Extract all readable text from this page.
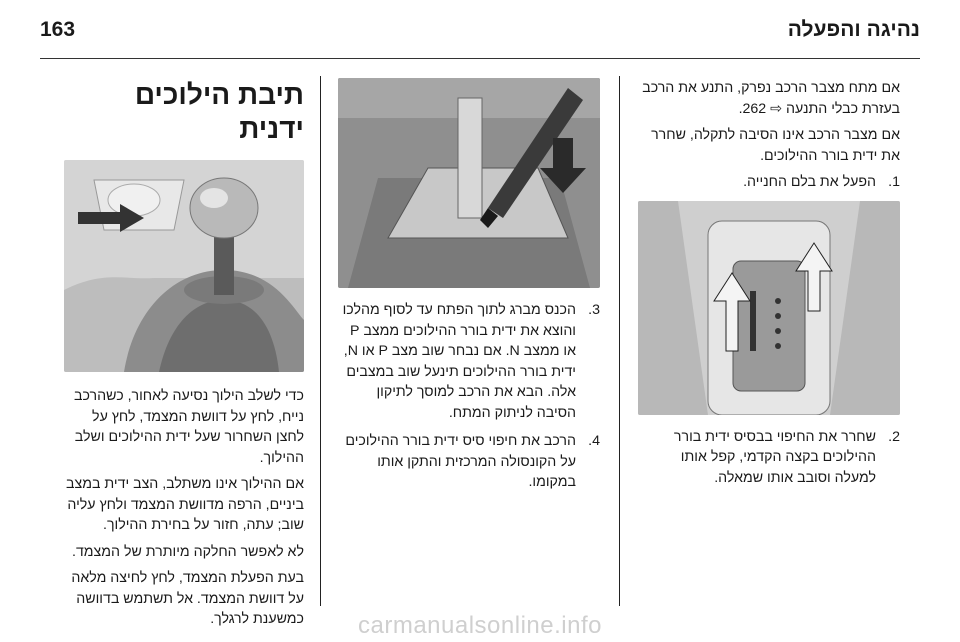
163	נהיגה והפעלה
תיבת הילוכים ידנית

כדי לשלב הילוך נסיעה לאחור, כשהרכב נייח, לחץ על דוושת המצמד, לחץ על לחצן השחרור שעל ידית ההילוכים ושלב ההילוך.

אם ההילוך אינו משתלב, הצב ידית במצב ביניים, הרפה מדוושת המצמד ולחץ עליה שוב; עתה, חזור על בחירת ההילוך.

לא לאפשר החלקה מיותרת של המצמד.

בעת הפעלת המצמד, לחץ לחיצה מלאה על דוושת המצמד. אל תשתמש בדוושה כמשענת לרגלך.

3.
הכנס מברג לתוך הפתח עד לסוף מהלכו והוצא את ידית בורר ההילוכים ממצב P או ממצב N. אם נבחר שוב מצב P או N, ידית בורר ההילוכים תינעל שוב במצבים אלה. הבא את הרכב למוסך לתיקון הסיבה לניתוק המתח.
4.
הרכב את חיפוי סיס ידית בורר ההילוכים על הקונסולה המרכזית והתקן אותו במקומו.

אם מתח מצבר הרכב נפרק, התנע את הרכב בעזרת כבלי התנעה ⇨ 262.

אם מצבר הרכב אינו הסיבה לתקלה, שחרר את ידית בורר ההילוכים.

1.
הפעל את בלם החנייה.
2.
שחרר את החיפוי בבסיס ידית בורר ההילוכים בקצה הקדמי, קפל אותו למעלה וסובב אותו שמאלה.
carmanualsonline.info
